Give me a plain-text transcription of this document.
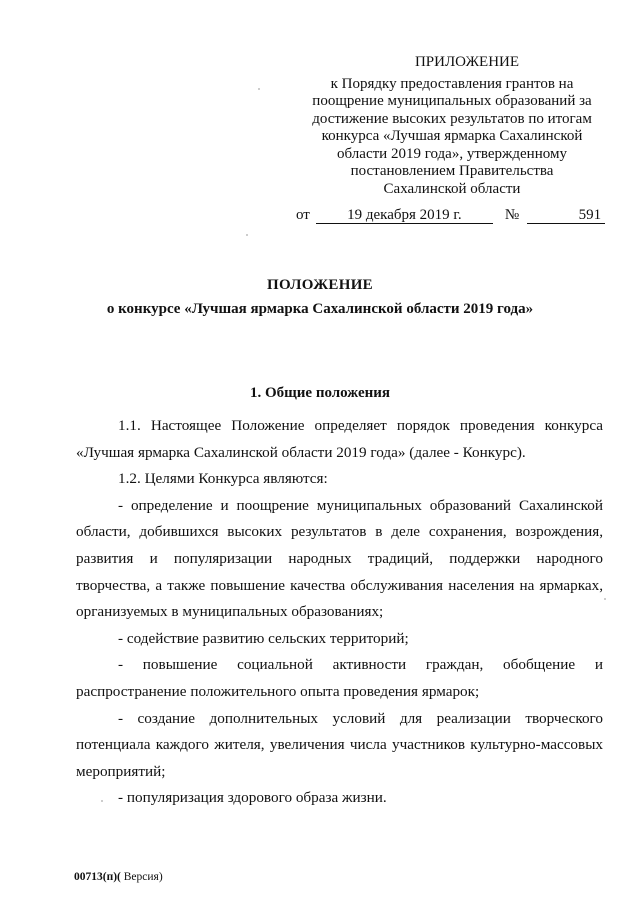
ПРИЛОЖЕНИЕ
к Порядку предоставления грантов на
поощрение муниципальных образований за
достижение высоких результатов по итогам
конкурса «Лучшая ярмарка Сахалинской
области 2019 года», утвержденному
постановлением Правительства
Сахалинской области
от 19 декабря 2019 г.	№	591
ПОЛОЖЕНИЕ
о конкурсе «Лучшая ярмарка Сахалинской области 2019 года»
1. Общие положения

1.1. Настоящее Положение определяет порядок проведения конкурса «Лучшая ярмарка Сахалинской области 2019 года» (далее - Конкурс).

1.2. Целями Конкурса являются:

- определение и поощрение муниципальных образований Сахалинской области, добившихся высоких результатов в деле сохранения, возрождения, развития и популяризации народных традиций, поддержки народного творчества, а также повышение качества обслуживания населения на ярмарках, организуемых в муниципальных образованиях;

- содействие развитию сельских территорий;

- повышение социальной активности граждан, обобщение и распространение положительного опыта проведения ярмарок;

- создание дополнительных условий для реализации творческого потенциала каждого жителя, увеличения числа участников культурно-массовых мероприятий;

- популяризация здорового образа жизни.

00713(п)( Версия)
